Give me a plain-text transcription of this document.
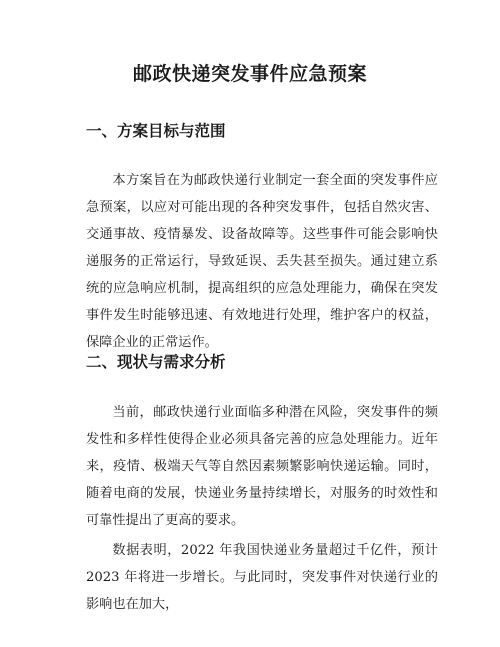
邮政快递突发事件应急预案
一、方案目标与范围

本方案旨在为邮政快递行业制定一套全面的突发事件应急预案，以应对可能出现的各种突发事件，包括自然灾害、交通事故、疫情暴发、设备故障等。这些事件可能会影响快递服务的正常运行，导致延误、丢失甚至损失。通过建立系统的应急响应机制，提高组织的应急处理能力，确保在突发事件发生时能够迅速、有效地进行处理，维护客户的权益，保障企业的正常运作。

二、现状与需求分析

当前，邮政快递行业面临多种潜在风险，突发事件的频发性和多样性使得企业必须具备完善的应急处理能力。近年来，疫情、极端天气等自然因素频繁影响快递运输。同时，随着电商的发展，快递业务量持续增长，对服务的时效性和可靠性提出了更高的要求。

数据表明，2022 年我国快递业务量超过千亿件，预计 2023 年将进一步增长。与此同时，突发事件对快递行业的影响也在加大，
